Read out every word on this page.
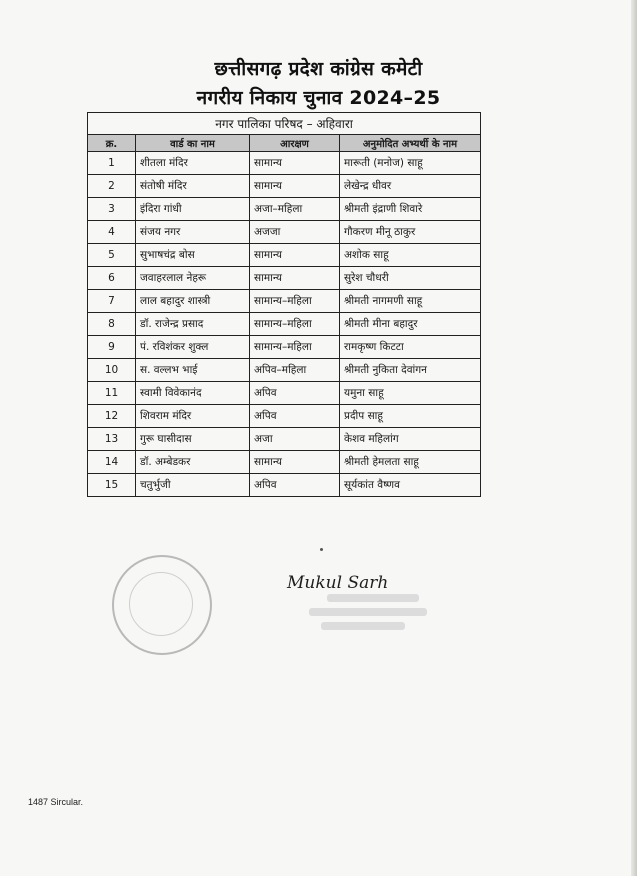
छत्तीसगढ़ प्रदेश कांग्रेस कमेटी
नगरीय निकाय चुनाव 2024–25
नगर पालिका परिषद – अहिवारा			
क्र.	वार्ड का नाम	आरक्षण	अनुमोदित अभ्यर्थी के नाम
1	शीतला मंदिर	सामान्य	मारूती (मनोज) साहू
2	संतोषी मंदिर	सामान्य	लेखेन्द्र धीवर
3	इंदिरा गांधी	अजा–महिला	श्रीमती इंद्राणी शिवारे
4	संजय नगर	अजजा	गौकरण मीनू ठाकुर
5	सुभाषचंद्र बोस	सामान्य	अशोक साहू
6	जवाहरलाल नेहरू	सामान्य	सुरेश चौधरी
7	लाल बहादुर शास्त्री	सामान्य–महिला	श्रीमती नागमणी साहू
8	डॉ. राजेन्द्र प्रसाद	सामान्य–महिला	श्रीमती मीना बहादुर
9	पं. रविशंकर शुक्ल	सामान्य–महिला	रामकृष्ण किटटा
10	स. वल्लभ भाई	अपिव–महिला	श्रीमती नुकिता देवांगन
11	स्वामी विवेकानंद	अपिव	यमुना साहू
12	शिवराम मंदिर	अपिव	प्रदीप साहू
13	गुरू घासीदास	अजा	केशव महिलांग
14	डॉ. अम्बेडकर	सामान्य	श्रीमती हेमलता साहू
15	चतुर्भुजी	अपिव	सूर्यकांत वैष्णव
Mukul Sarh
1487 Sircular.
